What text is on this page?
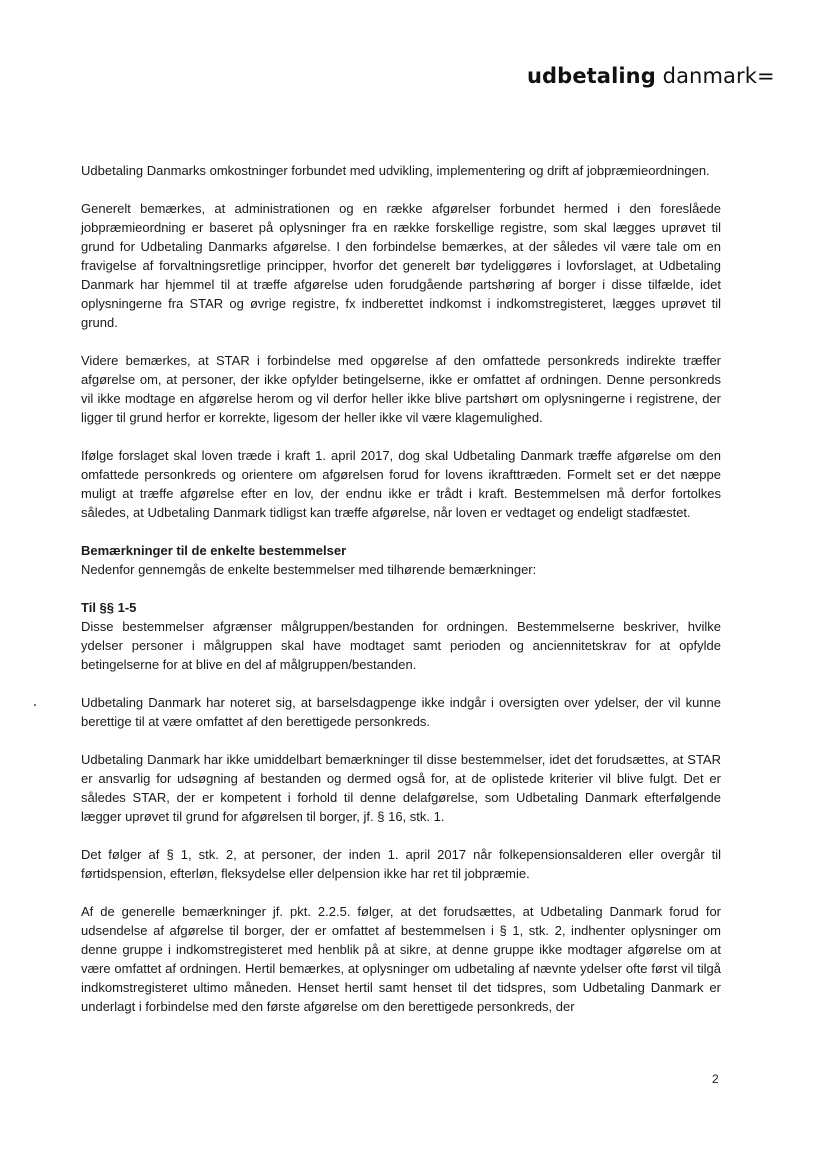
udbetaling danmark=

Udbetaling Danmarks omkostninger forbundet med udvikling, implementering og drift af jobpræmieordningen.

Generelt bemærkes, at administrationen og en række afgørelser forbundet hermed i den foreslåede jobpræmieordning er baseret på oplysninger fra en række forskellige registre, som skal lægges uprøvet til grund for Udbetaling Danmarks afgørelse. I den forbindelse bemærkes, at der således vil være tale om en fravigelse af forvaltningsretlige principper, hvorfor det generelt bør tydeliggøres i lovforslaget, at Udbetaling Danmark har hjemmel til at træffe afgørelse uden forudgående partshøring af borger i disse tilfælde, idet oplysningerne fra STAR og øvrige registre, fx indberettet indkomst i indkomstregisteret, lægges uprøvet til grund.

Videre bemærkes, at STAR i forbindelse med opgørelse af den omfattede personkreds indirekte træffer afgørelse om, at personer, der ikke opfylder betingelserne, ikke er omfattet af ordningen. Denne personkreds vil ikke modtage en afgørelse herom og vil derfor heller ikke blive partshørt om oplysningerne i registrene, der ligger til grund herfor er korrekte, ligesom der heller ikke vil være klagemulighed.

Ifølge forslaget skal loven træde i kraft 1. april 2017, dog skal Udbetaling Danmark træffe afgørelse om den omfattede personkreds og orientere om afgørelsen forud for lovens ikrafttræden. Formelt set er det næppe muligt at træffe afgørelse efter en lov, der endnu ikke er trådt i kraft. Bestemmelsen må derfor fortolkes således, at Udbetaling Danmark tidligst kan træffe afgørelse, når loven er vedtaget og endeligt stadfæstet.

Bemærkninger til de enkelte bestemmelser

Nedenfor gennemgås de enkelte bestemmelser med tilhørende bemærkninger:

Til §§ 1-5

Disse bestemmelser afgrænser målgruppen/bestanden for ordningen. Bestemmelserne beskriver, hvilke ydelser personer i målgruppen skal have modtaget samt perioden og anciennitetskrav for at opfylde betingelserne for at blive en del af målgruppen/bestanden.

Udbetaling Danmark har noteret sig, at barselsdagpenge ikke indgår i oversigten over ydelser, der vil kunne berettige til at være omfattet af den berettigede personkreds.

Udbetaling Danmark har ikke umiddelbart bemærkninger til disse bestemmelser, idet det forudsættes, at STAR er ansvarlig for udsøgning af bestanden og dermed også for, at de oplistede kriterier vil blive fulgt. Det er således STAR, der er kompetent i forhold til denne delafgørelse, som Udbetaling Danmark efterfølgende lægger uprøvet til grund for afgørelsen til borger, jf. § 16, stk. 1.

Det følger af § 1, stk. 2, at personer, der inden 1. april 2017 når folkepensionsalderen eller overgår til førtidspension, efterløn, fleksydelse eller delpension ikke har ret til jobpræmie.

Af de generelle bemærkninger jf. pkt. 2.2.5. følger, at det forudsættes, at Udbetaling Danmark forud for udsendelse af afgørelse til borger, der er omfattet af bestemmelsen i § 1, stk. 2, indhenter oplysninger om denne gruppe i indkomstregisteret med henblik på at sikre, at denne gruppe ikke modtager afgørelse om at være omfattet af ordningen. Hertil bemærkes, at oplysninger om udbetaling af nævnte ydelser ofte først vil tilgå indkomstregisteret ultimo måneden. Henset hertil samt henset til det tidspres, som Udbetaling Danmark er underlagt i forbindelse med den første afgørelse om den berettigede personkreds, der

2
